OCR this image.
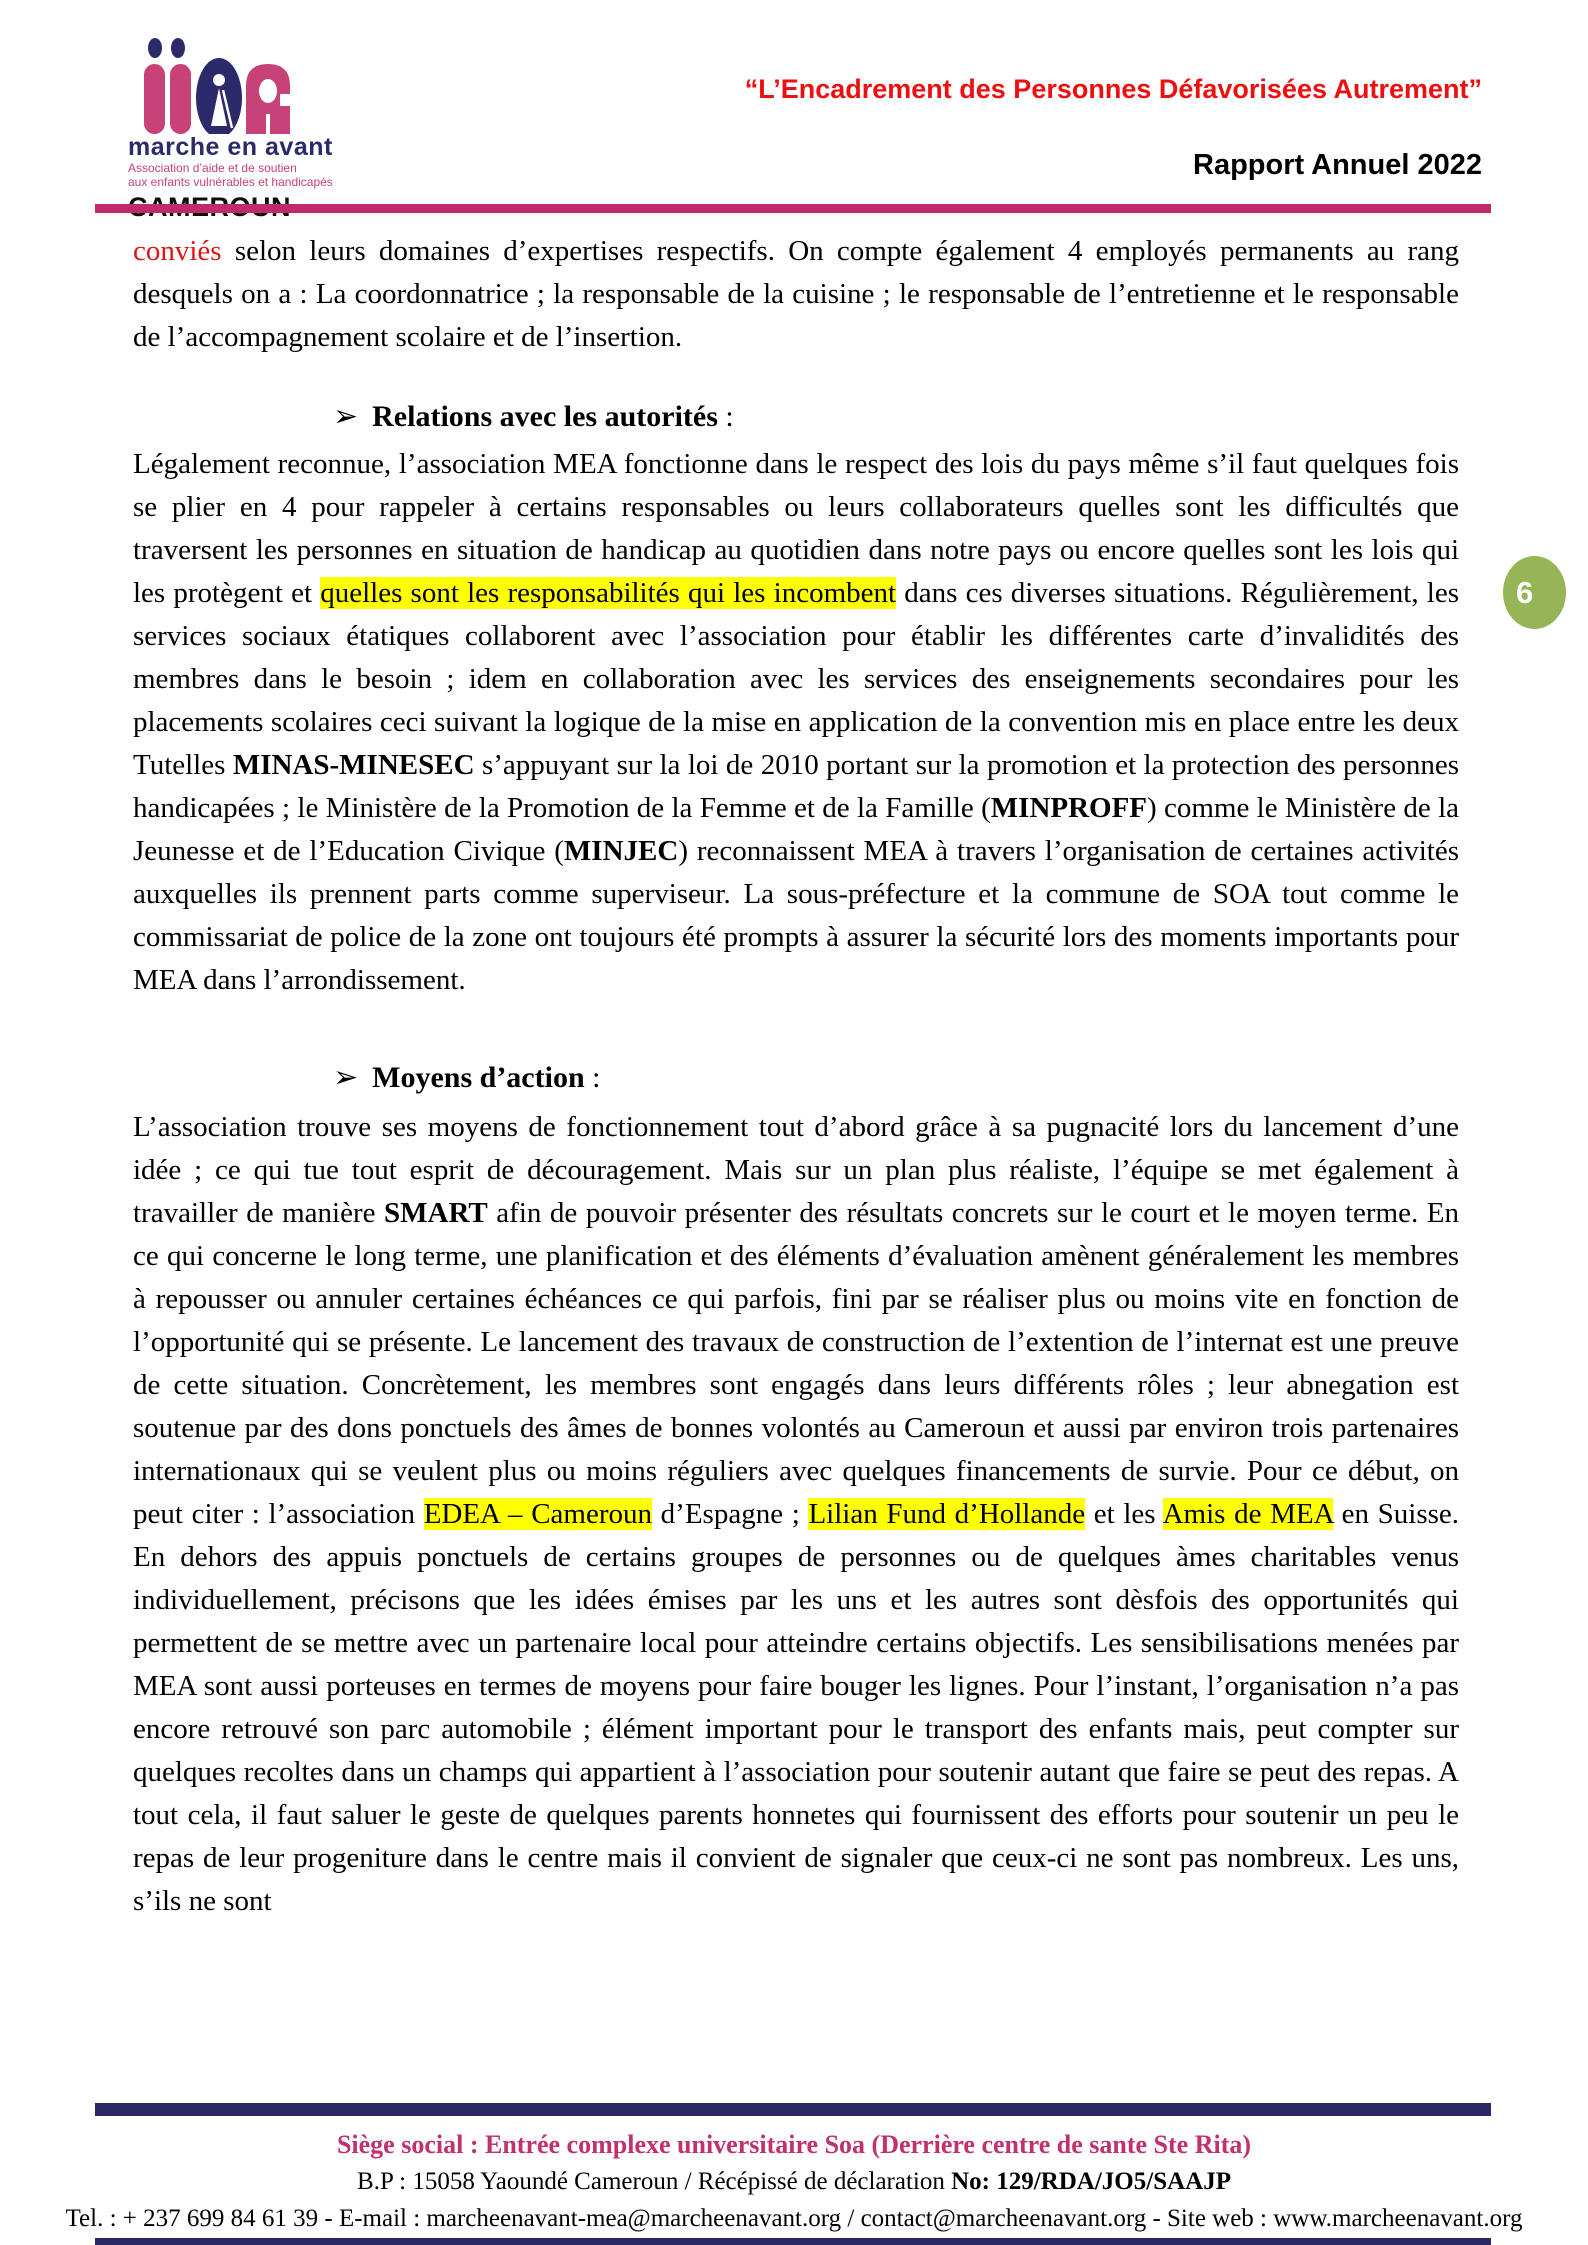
marche en avant
Association d’aide et de soutien
aux enfants vulnérables et handicapés
“L’Encadrement des Personnes Défavorisées Autrement”
Rapport Annuel 2022
6

conviés selon leurs domaines d’expertises respectifs. On compte également 4 employés permanents au rang desquels on a : La coordonnatrice ; la responsable de la cuisine ; le responsable de l’entretienne et le responsable de l’accompagnement scolaire et de l’insertion.

➢ Relations avec les autorités :

Légalement reconnue, l’association MEA fonctionne dans le respect des lois du pays même s’il faut quelques fois se plier en 4 pour rappeler à certains responsables ou leurs collaborateurs quelles sont les difficultés que traversent les personnes en situation de handicap au quotidien dans notre pays ou encore quelles sont les lois qui les protègent et quelles sont les responsabilités qui les incombent dans ces diverses situations. Régulièrement, les services sociaux étatiques collaborent avec l’association pour établir les différentes carte d’invalidités des membres dans le besoin ; idem en collaboration avec les services des enseignements secondaires pour les placements scolaires ceci suivant la logique de la mise en application de la convention mis en place entre les deux Tutelles MINAS-MINESEC s’appuyant sur la loi de 2010 portant sur la promotion et la protection des personnes handicapées ; le Ministère de la Promotion de la Femme et de la Famille (MINPROFF) comme le Ministère de la Jeunesse et de l’Education Civique (MINJEC) reconnaissent MEA à travers l’organisation de certaines activités auxquelles ils prennent parts comme superviseur. La sous-préfecture et la commune de SOA tout comme le commissariat de police de la zone ont toujours été prompts à assurer la sécurité lors des moments importants pour MEA dans l’arrondissement.

➢ Moyens d’action :

L’association trouve ses moyens de fonctionnement tout d’abord grâce à sa pugnacité lors du lancement d’une idée ; ce qui tue tout esprit de découragement. Mais sur un plan plus réaliste, l’équipe se met également à travailler de manière SMART afin de pouvoir présenter des résultats concrets sur le court et le moyen terme. En ce qui concerne le long terme, une planification et des éléments d’évaluation amènent généralement les membres à repousser ou annuler certaines échéances ce qui parfois, fini par se réaliser plus ou moins vite en fonction de l’opportunité qui se présente. Le lancement des travaux de construction de l’extention de l’internat est une preuve de cette situation. Concrètement, les membres sont engagés dans leurs différents rôles ; leur abnegation est soutenue par des dons ponctuels des âmes de bonnes volontés au Cameroun et aussi par environ trois partenaires internationaux qui se veulent plus ou moins réguliers avec quelques financements de survie. Pour ce début, on peut citer : l’association EDEA – Cameroun d’Espagne ; Lilian Fund d’Hollande et les Amis de MEA en Suisse. En dehors des appuis ponctuels de certains groupes de personnes ou de quelques àmes charitables venus individuellement, précisons que les idées émises par les uns et les autres sont dèsfois des opportunités qui permettent de se mettre avec un partenaire local pour atteindre certains objectifs. Les sensibilisations menées par MEA sont aussi porteuses en termes de moyens pour faire bouger les lignes. Pour l’instant, l’organisation n’a pas encore retrouvé son parc automobile ; élément important pour le transport des enfants mais, peut compter sur quelques recoltes dans un champs qui appartient à l’association pour soutenir autant que faire se peut des repas. A tout cela, il faut saluer le geste de quelques parents honnetes qui fournissent des efforts pour soutenir un peu le repas de leur progeniture dans le centre mais il convient de signaler que ceux-ci ne sont pas nombreux. Les uns, s’ils ne sont

Siège social : Entrée complexe universitaire Soa (Derrière centre de sante Ste Rita)
B.P : 15058 Yaoundé Cameroun / Récépissé de déclaration No: 129/RDA/JO5/SAAJP
Tel. : + 237 699 84 61 39 - E-mail : marcheenavant-mea@marcheenavant.org / contact@marcheenavant.org - Site web : www.marcheenavant.org
